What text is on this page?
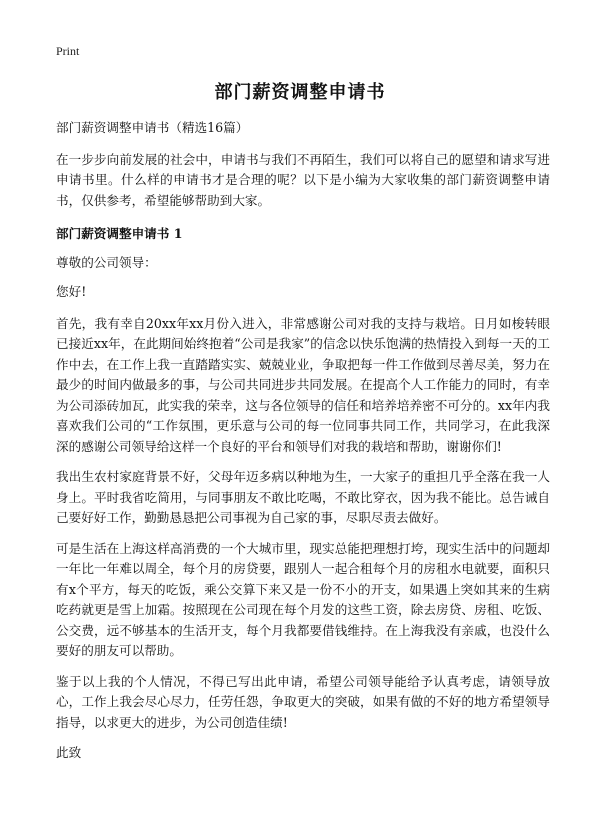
Print
部门薪资调整申请书

部门薪资调整申请书（精选16篇）

在一步步向前发展的社会中，申请书与我们不再陌生，我们可以将自己的愿望和请求写进申请书里。什么样的申请书才是合理的呢？以下是小编为大家收集的部门薪资调整申请书，仅供参考，希望能够帮助到大家。

部门薪资调整申请书 1

尊敬的公司领导：

您好!

首先，我有幸自20xx年xx月份入进入，非常感谢公司对我的支持与栽培。日月如梭转眼已接近xx年，在此期间始终抱着“公司是我家”的信念以快乐饱满的热情投入到每一天的工作中去，在工作上我一直踏踏实实、兢兢业业，争取把每一件工作做到尽善尽美，努力在最少的时间内做最多的事，与公司共同进步共同发展。在提高个人工作能力的同时，有幸为公司添砖加瓦，此实我的荣幸，这与各位领导的信任和培养培养密不可分的。xx年内我喜欢我们公司的“工作氛围，更乐意与公司的每一位同事共同工作，共同学习，在此我深深的感谢公司领导给这样一个良好的平台和领导们对我的栽培和帮助，谢谢你们!

我出生农村家庭背景不好，父母年迈多病以种地为生，一大家子的重担几乎全落在我一人身上。平时我省吃简用，与同事朋友不敢比吃喝，不敢比穿衣，因为我不能比。总告诫自己要好好工作，勤勤恳恳把公司事视为自己家的事，尽职尽责去做好。

可是生活在上海这样高消费的一个大城市里，现实总能把理想打垮，现实生活中的问题却一年比一年难以周全，每个月的房贷要，跟别人一起合租每个月的房租水电就要，面积只有x个平方，每天的吃饭，乘公交算下来又是一份不小的开支，如果遇上突如其来的生病吃药就更是雪上加霜。按照现在公司现在每个月发的这些工资，除去房贷、房租、吃饭、公交费，远不够基本的生活开支，每个月我都要借钱维持。在上海我没有亲戚，也没什么要好的朋友可以帮助。

鉴于以上我的个人情况，不得已写出此申请，希望公司领导能给予认真考虑，请领导放心，工作上我会尽心尽力，任劳任怨，争取更大的突破，如果有做的不好的地方希望领导指导，以求更大的进步，为公司创造佳绩!

此致
